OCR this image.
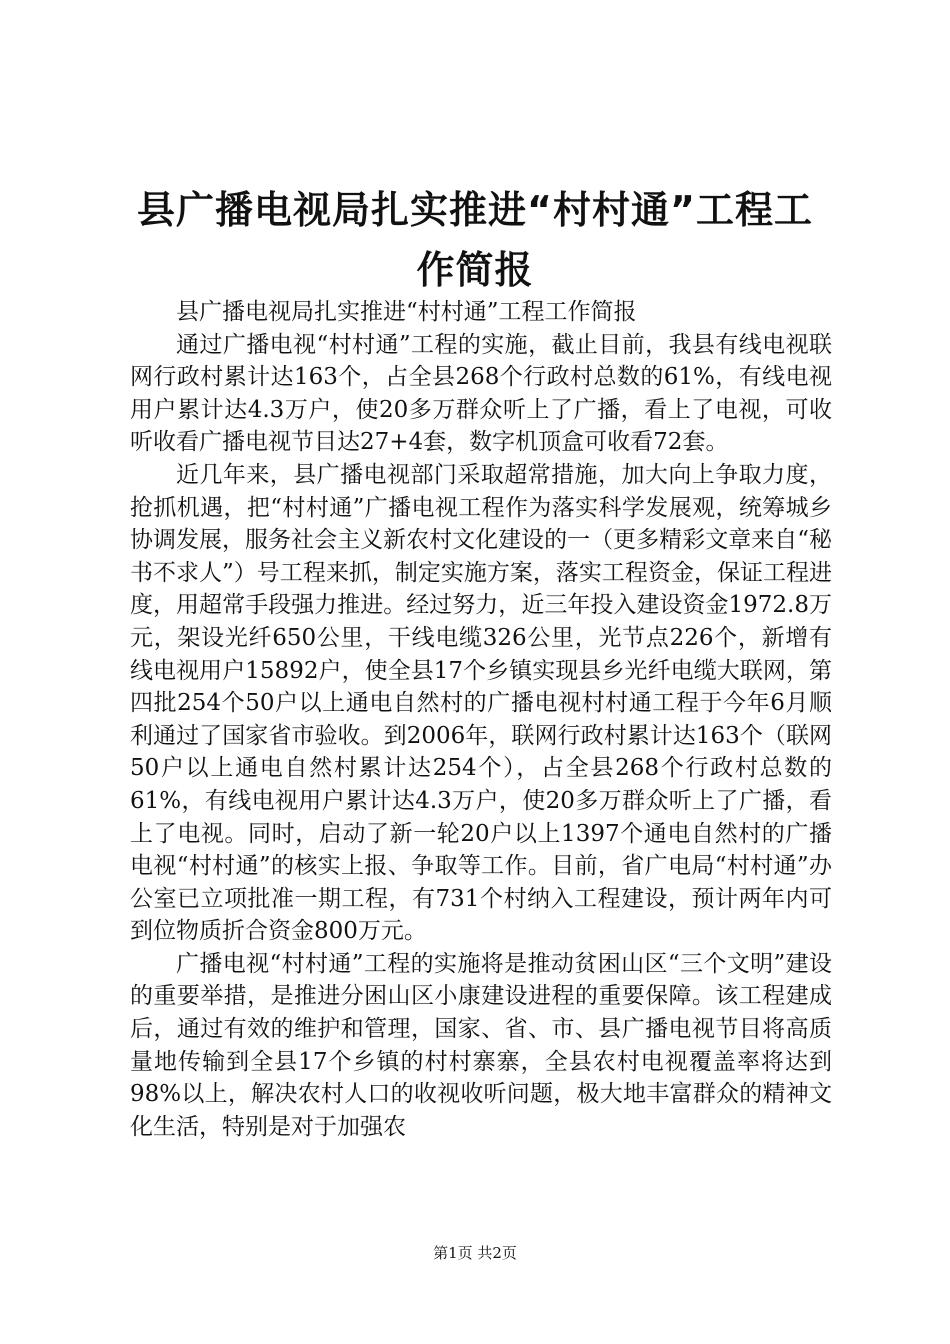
县广播电视局扎实推进“村村通”工程工作简报

县广播电视局扎实推进“村村通”工程工作简报

通过广播电视“村村通”工程的实施，截止目前，我县有线电视联网行政村累计达163个，占全县268个行政村总数的61%，有线电视用户累计达4.3万户，使20多万群众听上了广播，看上了电视，可收听收看广播电视节目达27+4套，数字机顶盒可收看72套。

近几年来，县广播电视部门采取超常措施，加大向上争取力度，抢抓机遇，把“村村通”广播电视工程作为落实科学发展观，统筹城乡协调发展，服务社会主义新农村文化建设的一（更多精彩文章来自“秘书不求人”）号工程来抓，制定实施方案，落实工程资金，保证工程进度，用超常手段强力推进。经过努力，近三年投入建设资金1972.8万元，架设光纤650公里，干线电缆326公里，光节点226个，新增有线电视用户15892户，使全县17个乡镇实现县乡光纤电缆大联网，第四批254个50户以上通电自然村的广播电视村村通工程于今年6月顺利通过了国家省市验收。到2006年，联网行政村累计达163个（联网50户以上通电自然村累计达254个），占全县268个行政村总数的61%，有线电视用户累计达4.3万户，使20多万群众听上了广播，看上了电视。同时，启动了新一轮20户以上1397个通电自然村的广播电视“村村通”的核实上报、争取等工作。目前，省广电局“村村通”办公室已立项批准一期工程，有731个村纳入工程建设，预计两年内可到位物质折合资金800万元。

广播电视“村村通”工程的实施将是推动贫困山区“三个文明”建设的重要举措，是推进分困山区小康建设进程的重要保障。该工程建成后，通过有效的维护和管理，国家、省、市、县广播电视节目将高质量地传输到全县17个乡镇的村村寨寨，全县农村电视覆盖率将达到98%以上，解决农村人口的收视收听问题，极大地丰富群众的精神文化生活，特别是对于加强农

第1页 共2页
